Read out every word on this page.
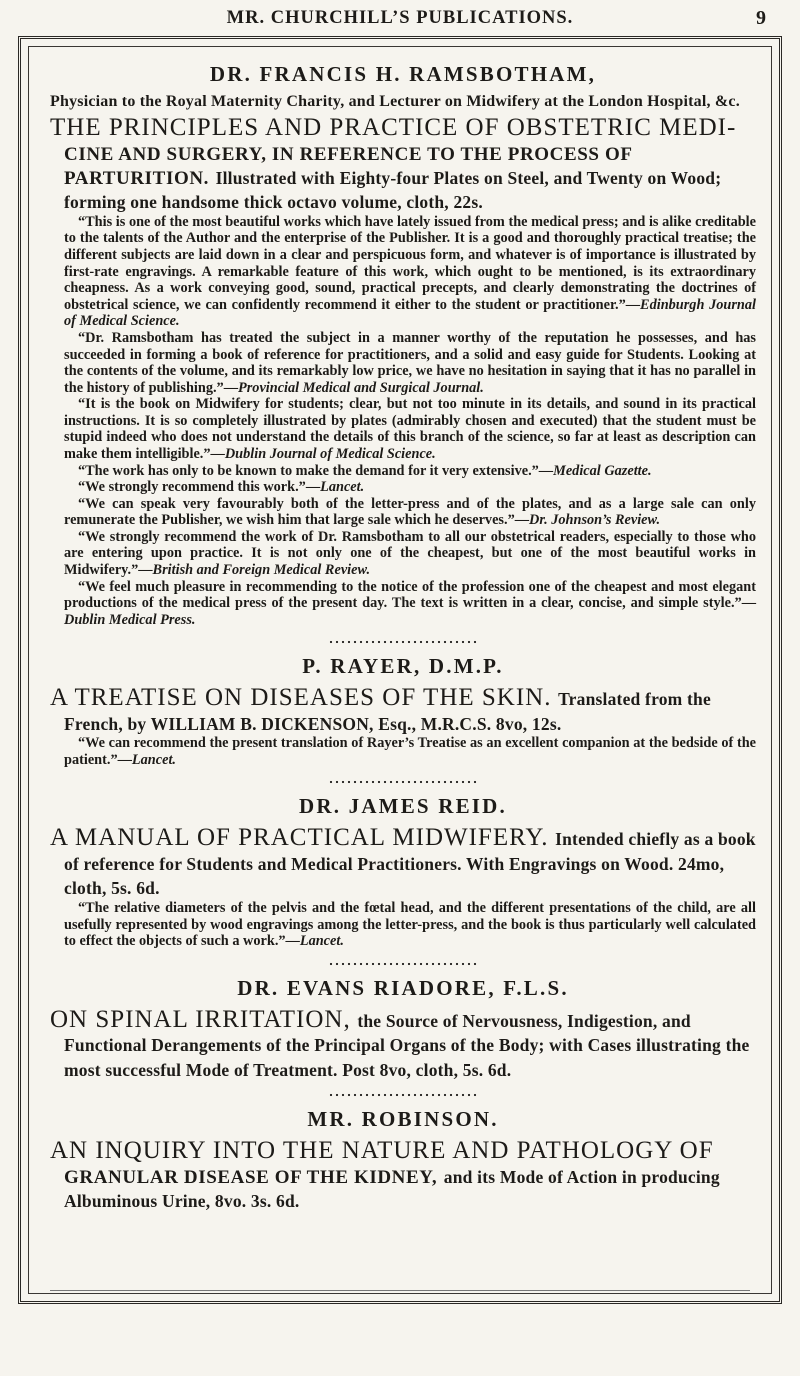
MR. CHURCHILL’S PUBLICATIONS.	9
DR. FRANCIS H. RAMSBOTHAM,
Physician to the Royal Maternity Charity, and Lecturer on Midwifery at the London Hospital, &c.

THE PRINCIPLES AND PRACTICE OF OBSTETRIC MEDI- CINE AND SURGERY, IN REFERENCE TO THE PROCESS OF PARTURITION. Illustrated with Eighty-four Plates on Steel, and Twenty on Wood; forming one handsome thick octavo volume, cloth, 22s.

“This is one of the most beautiful works which have lately issued from the medical press; and is alike creditable to the talents of the Author and the enterprise of the Publisher. It is a good and thoroughly practical treatise; the different subjects are laid down in a clear and perspicuous form, and whatever is of importance is illustrated by first-rate engravings. A remarkable feature of this work, which ought to be mentioned, is its extraordinary cheapness. As a work conveying good, sound, practical precepts, and clearly demonstrating the doctrines of obstetrical science, we can confidently recommend it either to the student or practitioner.”—Edinburgh Journal of Medical Science.

“Dr. Ramsbotham has treated the subject in a manner worthy of the reputation he possesses, and has succeeded in forming a book of reference for practitioners, and a solid and easy guide for Students. Looking at the contents of the volume, and its remarkably low price, we have no hesitation in saying that it has no parallel in the history of publishing.”—Provincial Medical and Surgical Journal.

“It is the book on Midwifery for students; clear, but not too minute in its details, and sound in its practical instructions. It is so completely illustrated by plates (admirably chosen and executed) that the student must be stupid indeed who does not understand the details of this branch of the science, so far at least as description can make them intelligible.”—Dublin Journal of Medical Science.

“The work has only to be known to make the demand for it very extensive.”—Medical Gazette.

“We strongly recommend this work.”—Lancet.

“We can speak very favourably both of the letter-press and of the plates, and as a large sale can only remunerate the Publisher, we wish him that large sale which he deserves.”—Dr. Johnson’s Review.

“We strongly recommend the work of Dr. Ramsbotham to all our obstetrical readers, especially to those who are entering upon practice. It is not only one of the cheapest, but one of the most beautiful works in Midwifery.”—British and Foreign Medical Review.

“We feel much pleasure in recommending to the notice of the profession one of the cheapest and most elegant productions of the medical press of the present day. The text is written in a clear, concise, and simple style.”—Dublin Medical Press.

P. RAYER, D.M.P.

A TREATISE ON DISEASES OF THE SKIN. Translated from the French, by WILLIAM B. DICKENSON, Esq., M.R.C.S. 8vo, 12s.

“We can recommend the present translation of Rayer’s Treatise as an excellent companion at the bedside of the patient.”—Lancet.

DR. JAMES REID.

A MANUAL OF PRACTICAL MIDWIFERY. Intended chiefly as a book of reference for Students and Medical Practitioners. With Engravings on Wood. 24mo, cloth, 5s. 6d.

“The relative diameters of the pelvis and the fœtal head, and the different presentations of the child, are all usefully represented by wood engravings among the letter-press, and the book is thus particularly well calculated to effect the objects of such a work.”—Lancet.

DR. EVANS RIADORE, F.L.S.

ON SPINAL IRRITATION, the Source of Nervousness, Indigestion, and Functional Derangements of the Principal Organs of the Body; with Cases illustrating the most successful Mode of Treatment. Post 8vo, cloth, 5s. 6d.

MR. ROBINSON.

AN INQUIRY INTO THE NATURE AND PATHOLOGY OF GRANULAR DISEASE OF THE KIDNEY, and its Mode of Action in producing Albuminous Urine, 8vo. 3s. 6d.
